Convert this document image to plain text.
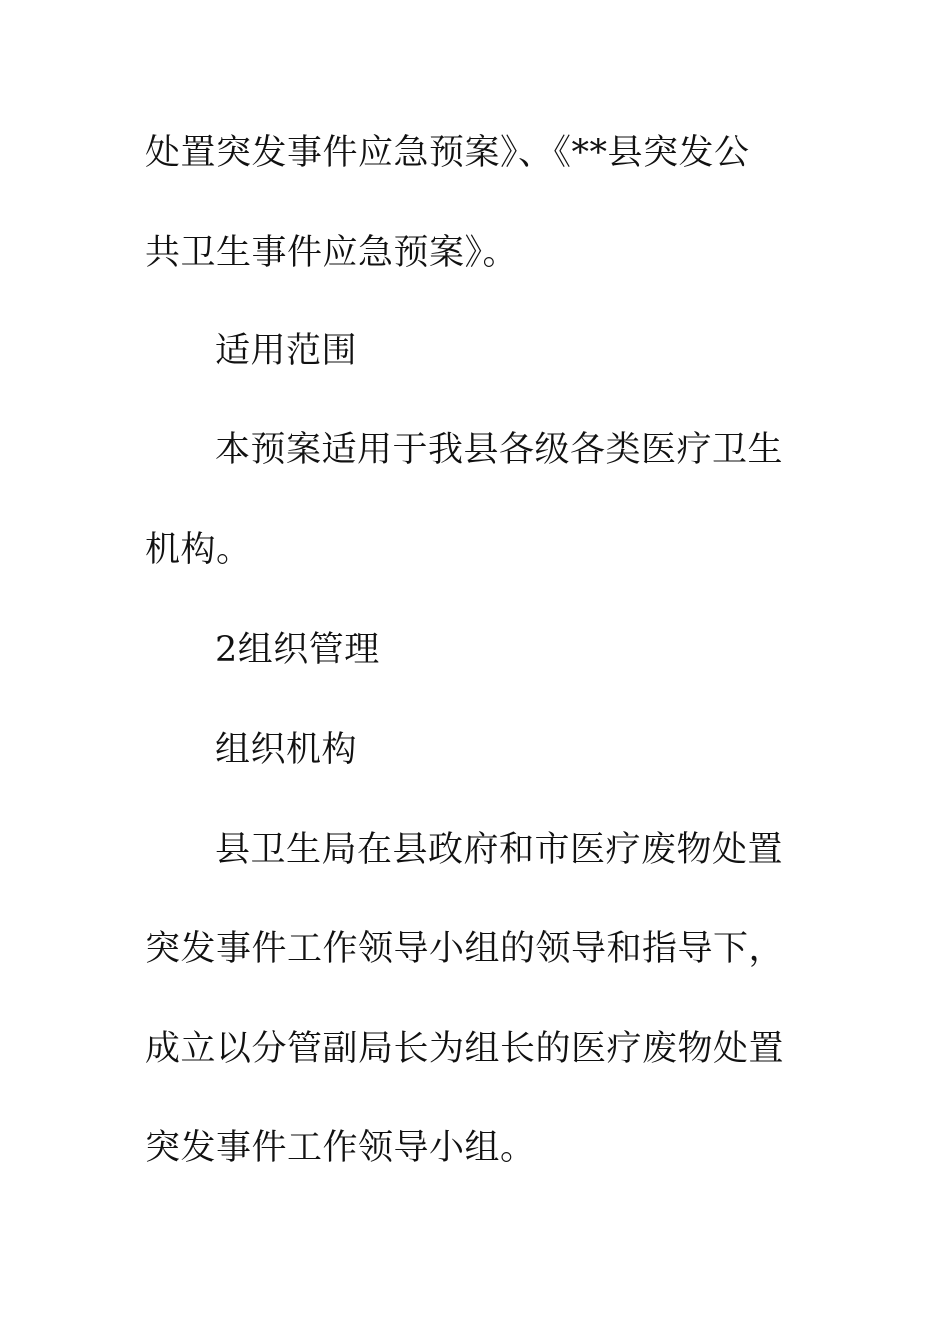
处置突发事件应急预案》、《**县突发公
共卫生事件应急预案》。
适用范围
本预案适用于我县各级各类医疗卫生
机构。
2组织管理
组织机构
县卫生局在县政府和市医疗废物处置
突发事件工作领导小组的领导和指导下，
成立以分管副局长为组长的医疗废物处置
突发事件工作领导小组。
